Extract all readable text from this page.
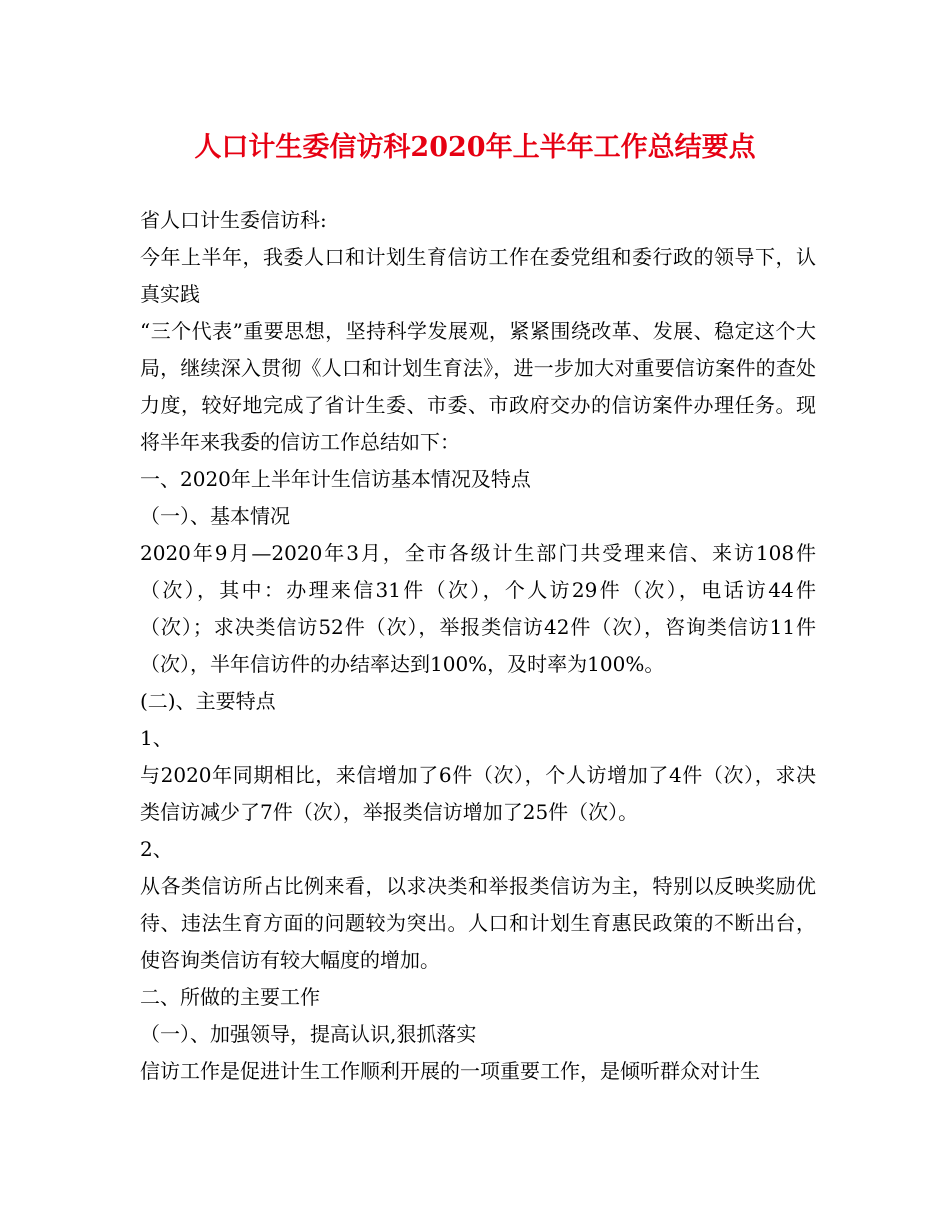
人口计生委信访科2020年上半年工作总结要点

省人口计生委信访科:

今年上半年，我委人口和计划生育信访工作在委党组和委行政的领导下，认真实践

“三个代表”重要思想，坚持科学发展观，紧紧围绕改革、发展、稳定这个大局，继续深入贯彻《人口和计划生育法》，进一步加大对重要信访案件的查处力度，较好地完成了省计生委、市委、市政府交办的信访案件办理任务。现将半年来我委的信访工作总结如下：

一、2020年上半年计生信访基本情况及特点

（一）、基本情况

2020年9月—2020年3月，全市各级计生部门共受理来信、来访108件（次），其中：办理来信31件（次），个人访29件（次），电话访44件（次）；求决类信访52件（次），举报类信访42件（次），咨询类信访11件（次），半年信访件的办结率达到100%，及时率为100%。

(二)、主要特点

1、

与2020年同期相比，来信增加了6件（次），个人访增加了4件（次），求决类信访减少了7件（次），举报类信访增加了25件（次）。

2、

从各类信访所占比例来看，以求决类和举报类信访为主，特别以反映奖励优待、违法生育方面的问题较为突出。人口和计划生育惠民政策的不断出台，使咨询类信访有较大幅度的增加。

二、所做的主要工作

（一）、加强领导，提高认识,狠抓落实

信访工作是促进计生工作顺利开展的一项重要工作，是倾听群众对计生
